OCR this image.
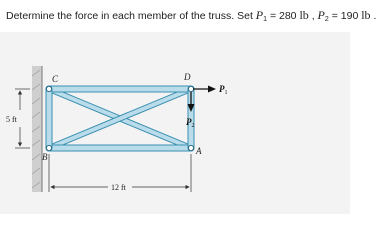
Determine the force in each member of the truss. Set $P_1 = 280$ lb , $P_2 = 190$ lb .
C	D
B
A
$P_1$
$P_2$
5 ft
12 ft
